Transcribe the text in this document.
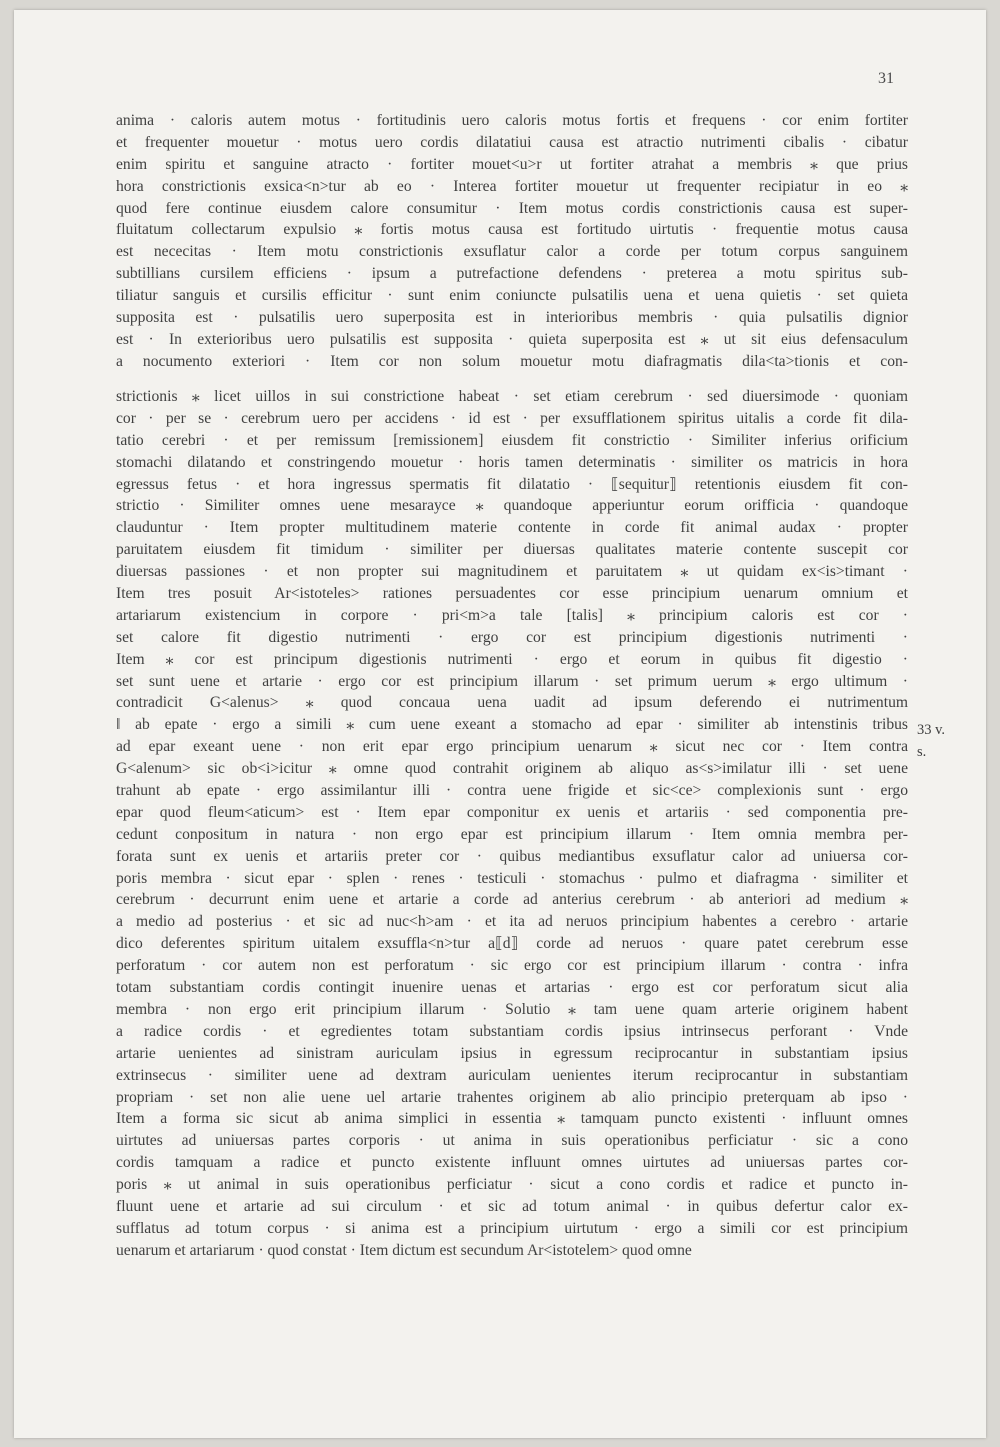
31
anima · caloris autem motus · fortitudinis uero caloris motus fortis et frequens · cor enim fortiter
et frequenter mouetur · motus uero cordis dilatatiui causa est atractio nutrimenti cibalis · cibatur
enim spiritu et sanguine atracto · fortiter mouet<u>r ut fortiter atrahat a membris ⁎ que prius
hora constrictionis exsica<n>tur ab eo · Interea fortiter mouetur ut frequenter recipiatur in eo ⁎
quod fere continue eiusdem calore consumitur · Item motus cordis constrictionis causa est super-
fluitatum collectarum expulsio ⁎ fortis motus causa est fortitudo uirtutis · frequentie motus causa
est nececitas · Item motu constrictionis exsuflatur calor a corde per totum corpus sanguinem
subtillians cursilem efficiens · ipsum a putrefactione defendens · preterea a motu spiritus sub-
tiliatur sanguis et cursilis efficitur · sunt enim coniuncte pulsatilis uena et uena quietis · set quieta
supposita est · pulsatilis uero superposita est in interioribus membris · quia pulsatilis dignior
est · In exterioribus uero pulsatilis est supposita · quieta superposita est ⁎ ut sit eius defensaculum
a nocumento exteriori · Item cor non solum mouetur motu diafragmatis dila<ta>tionis et con-
strictionis ⁎ licet uillos in sui constrictione habeat · set etiam cerebrum · sed diuersimode · quoniam
cor · per se · cerebrum uero per accidens · id est · per exsufflationem spiritus uitalis a corde fit dila-
tatio cerebri · et per remissum [remissionem] eiusdem fit constrictio · Similiter inferius orificium
stomachi dilatando et constringendo mouetur · horis tamen determinatis · similiter os matricis in hora
egressus fetus · et hora ingressus spermatis fit dilatatio · ⟦sequitur⟧ retentionis eiusdem fit con-
strictio · Similiter omnes uene mesarayce ⁎ quandoque apperiuntur eorum orifficia · quandoque
clauduntur · Item propter multitudinem materie contente in corde fit animal audax · propter
paruitatem eiusdem fit timidum · similiter per diuersas qualitates materie contente suscepit cor
diuersas passiones · et non propter sui magnitudinem et paruitatem ⁎ ut quidam ex<is>timant ·
Item tres posuit Ar<istoteles> rationes persuadentes cor esse principium uenarum omnium et
artariarum existencium in corpore · pri<m>a tale [talis] ⁎ principium caloris est cor ·
set calore fit digestio nutrimenti · ergo cor est principium digestionis nutrimenti ·
Item ⁎ cor est principum digestionis nutrimenti · ergo et eorum in quibus fit digestio ·
set sunt uene et artarie · ergo cor est principium illarum · set primum uerum ⁎ ergo ultimum ·
contradicit G<alenus> ⁎ quod concaua uena uadit ad ipsum deferendo ei nutrimentum
‖ ab epate · ergo a simili ⁎ cum uene exeant a stomacho ad epar · similiter ab intenstinis tribus
ad epar exeant uene · non erit epar ergo principium uenarum ⁎ sicut nec cor · Item contra
G<alenum> sic ob<i>icitur ⁎ omne quod contrahit originem ab aliquo as<s>imilatur illi · set uene
trahunt ab epate · ergo assimilantur illi · contra uene frigide et sic<ce> complexionis sunt · ergo
epar quod fleum<aticum> est · Item epar componitur ex uenis et artariis · sed componentia pre-
cedunt conpositum in natura · non ergo epar est principium illarum · Item omnia membra per-
forata sunt ex uenis et artariis preter cor · quibus mediantibus exsuflatur calor ad uniuersa cor-
poris membra · sicut epar · splen · renes · testiculi · stomachus · pulmo et diafragma · similiter et
cerebrum · decurrunt enim uene et artarie a corde ad anterius cerebrum · ab anteriori ad medium ⁎
a medio ad posterius · et sic ad nuc<h>am · et ita ad neruos principium habentes a cerebro · artarie
dico deferentes spiritum uitalem exsuffla<n>tur a⟦d⟧ corde ad neruos · quare patet cerebrum esse
perforatum · cor autem non est perforatum · sic ergo cor est principium illarum · contra · infra
totam substantiam cordis contingit inuenire uenas et artarias · ergo est cor perforatum sicut alia
membra · non ergo erit principium illarum · Solutio ⁎ tam uene quam arterie originem habent
a radice cordis · et egredientes totam substantiam cordis ipsius intrinsecus perforant · Vnde
artarie uenientes ad sinistram auriculam ipsius in egressum reciprocantur in substantiam ipsius
extrinsecus · similiter uene ad dextram auriculam uenientes iterum reciprocantur in substantiam
propriam · set non alie uene uel artarie trahentes originem ab alio principio preterquam ab ipso ·
Item a forma sic sicut ab anima simplici in essentia ⁎ tamquam puncto existenti · influunt omnes
uirtutes ad uniuersas partes corporis · ut anima in suis operationibus perficiatur · sic a cono
cordis tamquam a radice et puncto existente influunt omnes uirtutes ad uniuersas partes cor-
poris ⁎ ut animal in suis operationibus perficiatur · sicut a cono cordis et radice et puncto in-
fluunt uene et artarie ad sui circulum · et sic ad totum animal · in quibus defertur calor ex-
sufflatus ad totum corpus · si anima est a principium uirtutum · ergo a simili cor est principium
uenarum et artariarum · quod constat · Item dictum est secundum Ar<istotelem> quod omne
33 v.
s.
